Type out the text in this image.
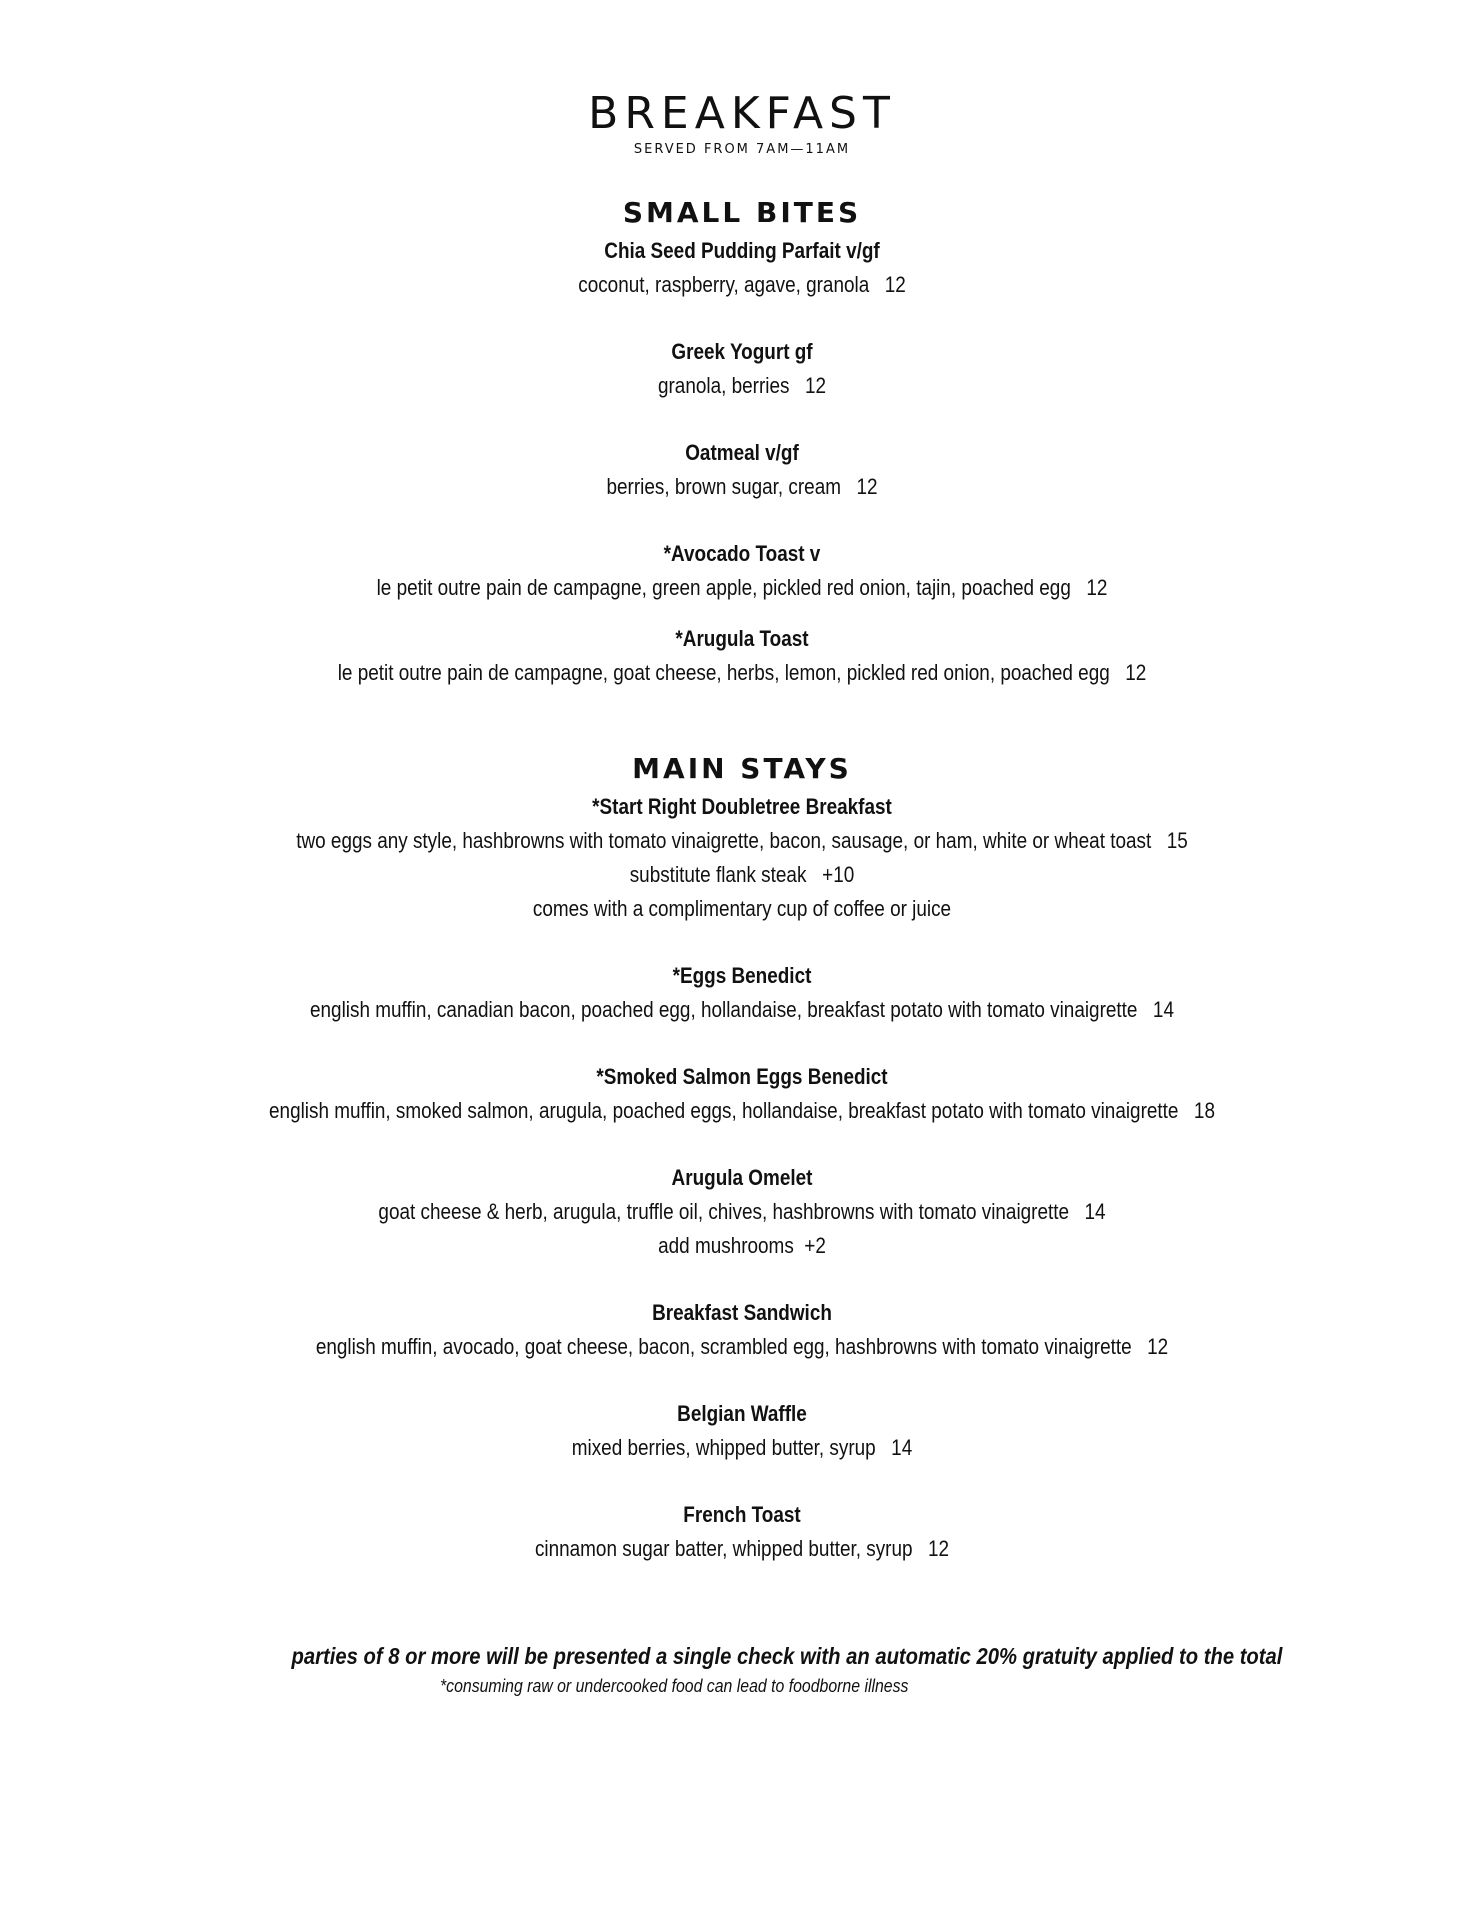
BREAKFAST
SERVED FROM 7AM—11AM
SMALL BITES
Chia Seed Pudding Parfait v/gf
coconut, raspberry, agave, granola 12
Greek Yogurt gf
granola, berries 12
Oatmeal v/gf
berries, brown sugar, cream 12
*Avocado Toast v
le petit outre pain de campagne, green apple, pickled red onion, tajin, poached egg 12
*Arugula Toast
le petit outre pain de campagne, goat cheese, herbs, lemon, pickled red onion, poached egg 12
MAIN STAYS
*Start Right Doubletree Breakfast
two eggs any style, hashbrowns with tomato vinaigrette, bacon, sausage, or ham, white or wheat toast 15
substitute flank steak   +10
comes with a complimentary cup of coffee or juice
*Eggs Benedict
english muffin, canadian bacon, poached egg, hollandaise, breakfast potato with tomato vinaigrette 14
*Smoked Salmon Eggs Benedict
english muffin, smoked salmon, arugula, poached eggs, hollandaise, breakfast potato with tomato vinaigrette 18
Arugula Omelet
goat cheese & herb, arugula, truffle oil, chives, hashbrowns with tomato vinaigrette 14
add mushrooms  +2
Breakfast Sandwich
english muffin, avocado, goat cheese, bacon, scrambled egg, hashbrowns with tomato vinaigrette 12
Belgian Waffle
mixed berries, whipped butter, syrup 14
French Toast
cinnamon sugar batter, whipped butter, syrup 12
parties of 8 or more will be presented a single check with an automatic 20% gratuity applied to the total
*consuming raw or undercooked food can lead to foodborne illness
